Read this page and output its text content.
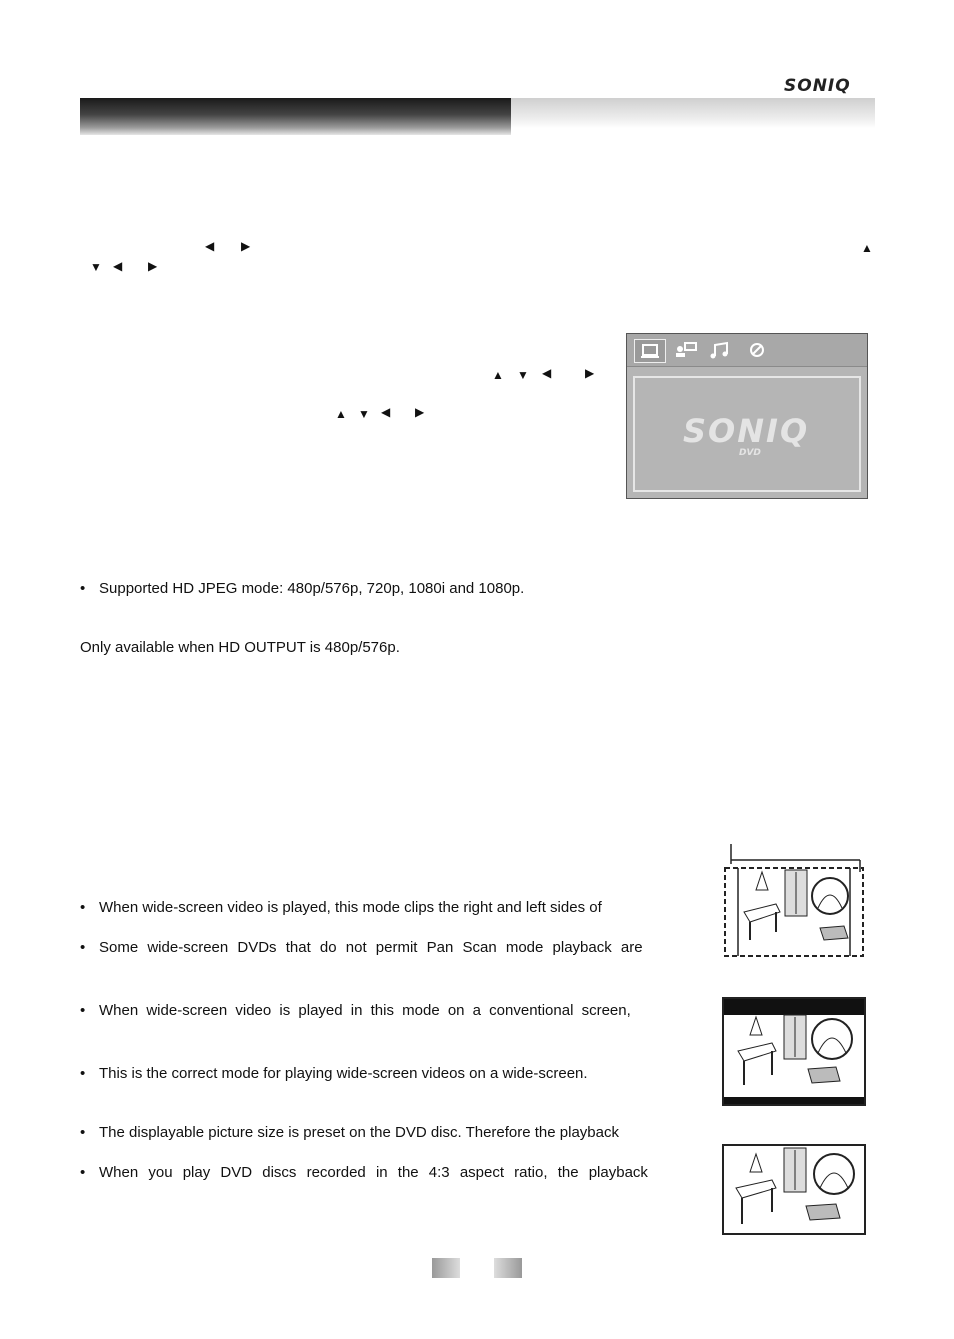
SONIQ
◀ ▶	▲
▼ ◀ ▶
▲ ▼ ◀	▶
▲ ▼ ◀ ▶	SONIQ
DVD
• Supported HD JPEG mode: 480p/576p, 720p, 1080i and 1080p.
Only available when HD OUTPUT is 480p/576p.
• When wide-screen video is played, this mode clips the right and left sides of
• Some wide-screen DVDs that do not permit Pan Scan mode playback are
• When wide-screen video is played in this mode on a conventional screen,
• This is the correct mode for playing wide-screen videos on a wide-screen.
• The displayable picture size is preset on the DVD disc. Therefore the playback
• When you play DVD discs recorded in the 4:3 aspect ratio, the playback
